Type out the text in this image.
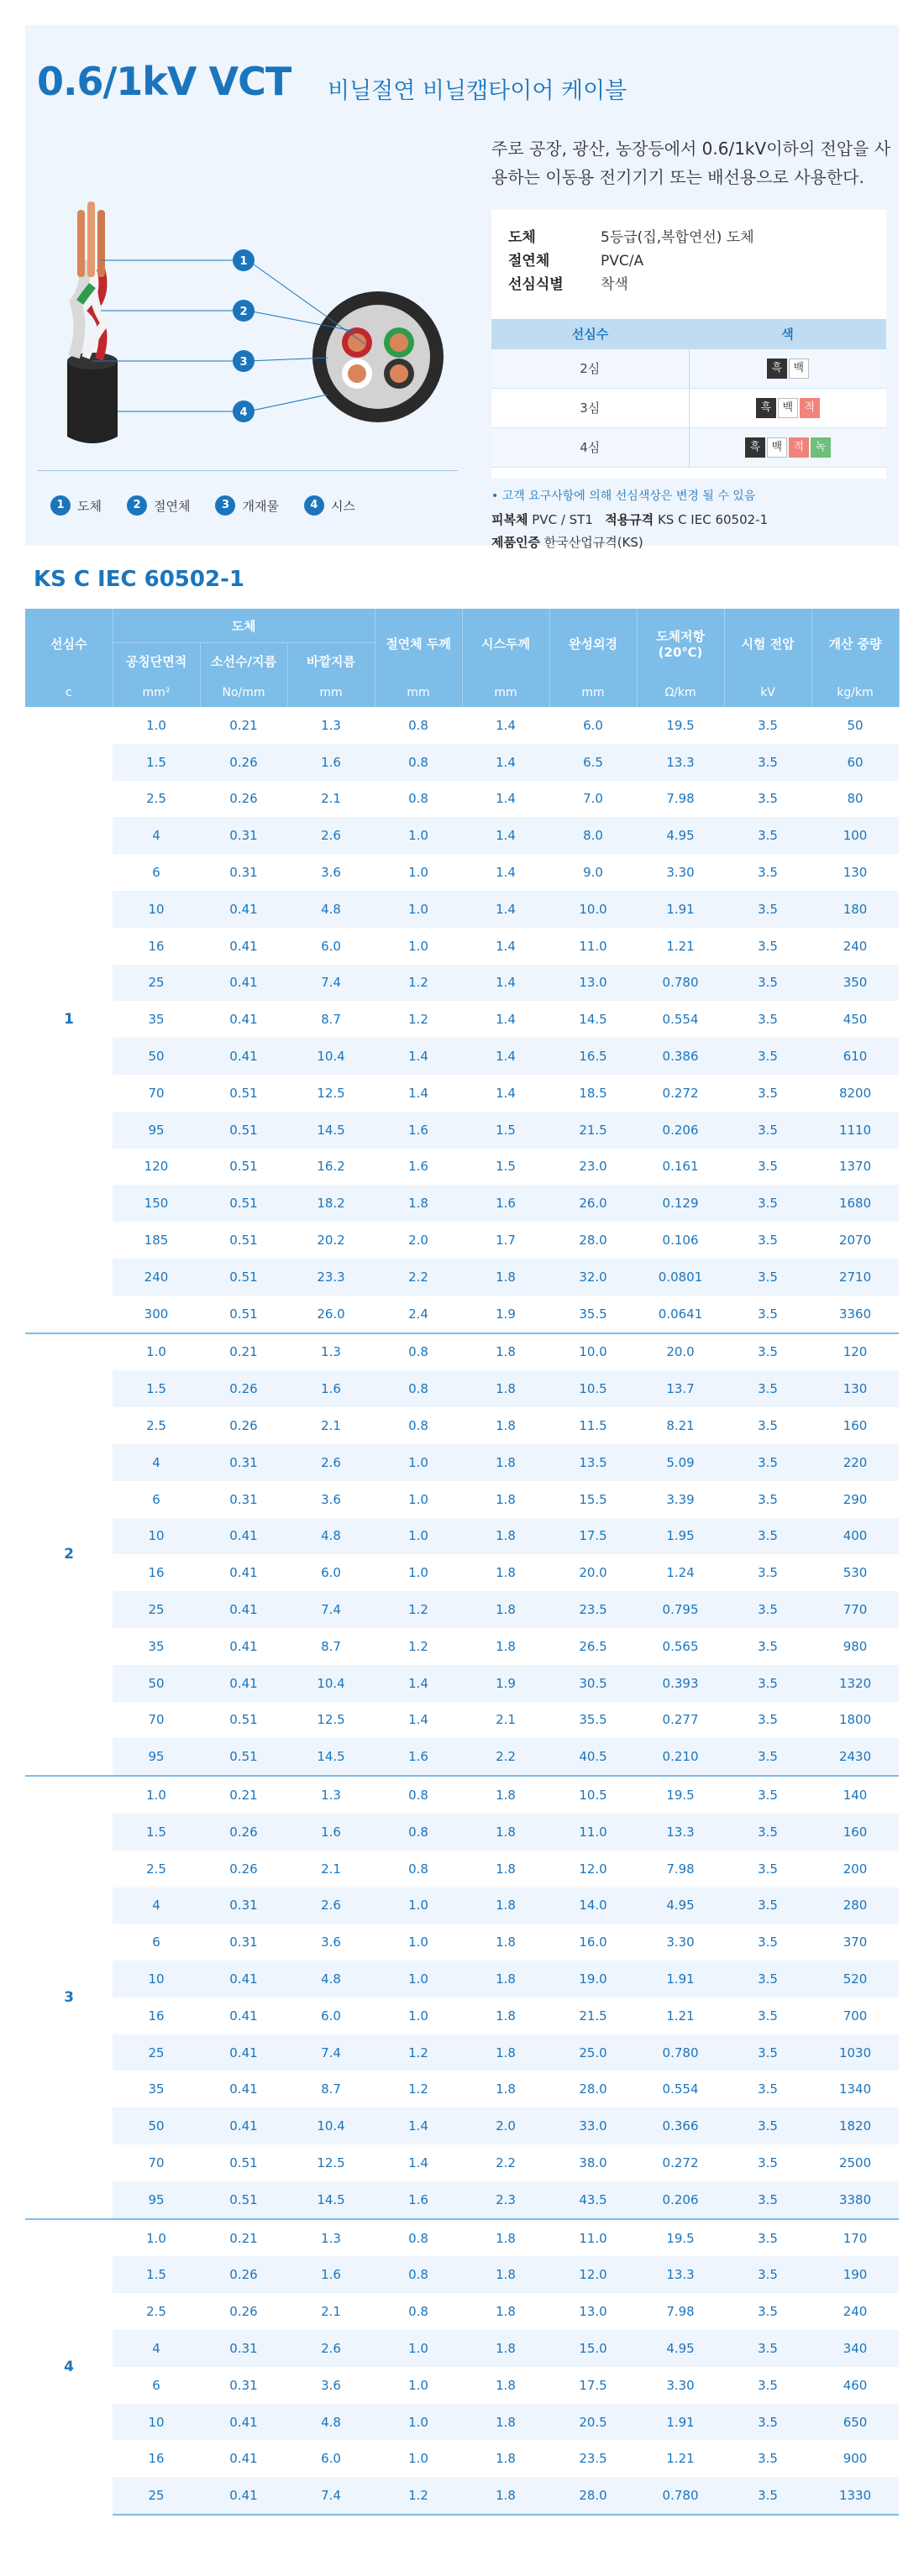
0.6/1kV VCT 비닐절연 비닐캡타이어 케이블
1
2
3
4
1	도체	2	절연체	3	개재물	4	시스
주로 공장, 광산, 농장등에서 0.6/1kV이하의 전압을 사용하는 이동용 전기기기 또는 배선용으로 사용한다.
도체	5등급(집,복합연선) 도체
절연체	PVC/A
선심식별	착색
선심수	색
2심	흑 백
3심	흑 백 적
4심	흑 백 적 녹
• 고객 요구사항에 의해 선심색상은 변경 될 수 있음
피복체 PVC / ST1 적용규격 KS C IEC 60502-1
제품인증 한국산업규격(KS)
KS C IEC 60502-1
선심수	도체			절연체 두께	시스두께	완성외경	도체저항 (20℃)	시험 전압	개산 중량
	공칭단면적	소선수/지름	바깥지름						
c	mm²	No/mm	mm	mm	mm	mm	Ω/km	kV	kg/km
1	1.0	0.21	1.3	0.8	1.4	6.0	19.5	3.5	50
	1.5	0.26	1.6	0.8	1.4	6.5	13.3	3.5	60
	2.5	0.26	2.1	0.8	1.4	7.0	7.98	3.5	80
	4	0.31	2.6	1.0	1.4	8.0	4.95	3.5	100
	6	0.31	3.6	1.0	1.4	9.0	3.30	3.5	130
	10	0.41	4.8	1.0	1.4	10.0	1.91	3.5	180
	16	0.41	6.0	1.0	1.4	11.0	1.21	3.5	240
	25	0.41	7.4	1.2	1.4	13.0	0.780	3.5	350
	35	0.41	8.7	1.2	1.4	14.5	0.554	3.5	450
	50	0.41	10.4	1.4	1.4	16.5	0.386	3.5	610
	70	0.51	12.5	1.4	1.4	18.5	0.272	3.5	8200
	95	0.51	14.5	1.6	1.5	21.5	0.206	3.5	1110
	120	0.51	16.2	1.6	1.5	23.0	0.161	3.5	1370
	150	0.51	18.2	1.8	1.6	26.0	0.129	3.5	1680
	185	0.51	20.2	2.0	1.7	28.0	0.106	3.5	2070
	240	0.51	23.3	2.2	1.8	32.0	0.0801	3.5	2710
	300	0.51	26.0	2.4	1.9	35.5	0.0641	3.5	3360
2	1.0	0.21	1.3	0.8	1.8	10.0	20.0	3.5	120
	1.5	0.26	1.6	0.8	1.8	10.5	13.7	3.5	130
	2.5	0.26	2.1	0.8	1.8	11.5	8.21	3.5	160
	4	0.31	2.6	1.0	1.8	13.5	5.09	3.5	220
	6	0.31	3.6	1.0	1.8	15.5	3.39	3.5	290
	10	0.41	4.8	1.0	1.8	17.5	1.95	3.5	400
	16	0.41	6.0	1.0	1.8	20.0	1.24	3.5	530
	25	0.41	7.4	1.2	1.8	23.5	0.795	3.5	770
	35	0.41	8.7	1.2	1.8	26.5	0.565	3.5	980
	50	0.41	10.4	1.4	1.9	30.5	0.393	3.5	1320
	70	0.51	12.5	1.4	2.1	35.5	0.277	3.5	1800
	95	0.51	14.5	1.6	2.2	40.5	0.210	3.5	2430
3	1.0	0.21	1.3	0.8	1.8	10.5	19.5	3.5	140
	1.5	0.26	1.6	0.8	1.8	11.0	13.3	3.5	160
	2.5	0.26	2.1	0.8	1.8	12.0	7.98	3.5	200
	4	0.31	2.6	1.0	1.8	14.0	4.95	3.5	280
	6	0.31	3.6	1.0	1.8	16.0	3.30	3.5	370
	10	0.41	4.8	1.0	1.8	19.0	1.91	3.5	520
	16	0.41	6.0	1.0	1.8	21.5	1.21	3.5	700
	25	0.41	7.4	1.2	1.8	25.0	0.780	3.5	1030
	35	0.41	8.7	1.2	1.8	28.0	0.554	3.5	1340
	50	0.41	10.4	1.4	2.0	33.0	0.366	3.5	1820
	70	0.51	12.5	1.4	2.2	38.0	0.272	3.5	2500
	95	0.51	14.5	1.6	2.3	43.5	0.206	3.5	3380
4	1.0	0.21	1.3	0.8	1.8	11.0	19.5	3.5	170
	1.5	0.26	1.6	0.8	1.8	12.0	13.3	3.5	190
	2.5	0.26	2.1	0.8	1.8	13.0	7.98	3.5	240
	4	0.31	2.6	1.0	1.8	15.0	4.95	3.5	340
	6	0.31	3.6	1.0	1.8	17.5	3.30	3.5	460
	10	0.41	4.8	1.0	1.8	20.5	1.91	3.5	650
	16	0.41	6.0	1.0	1.8	23.5	1.21	3.5	900
	25	0.41	7.4	1.2	1.8	28.0	0.780	3.5	1330
